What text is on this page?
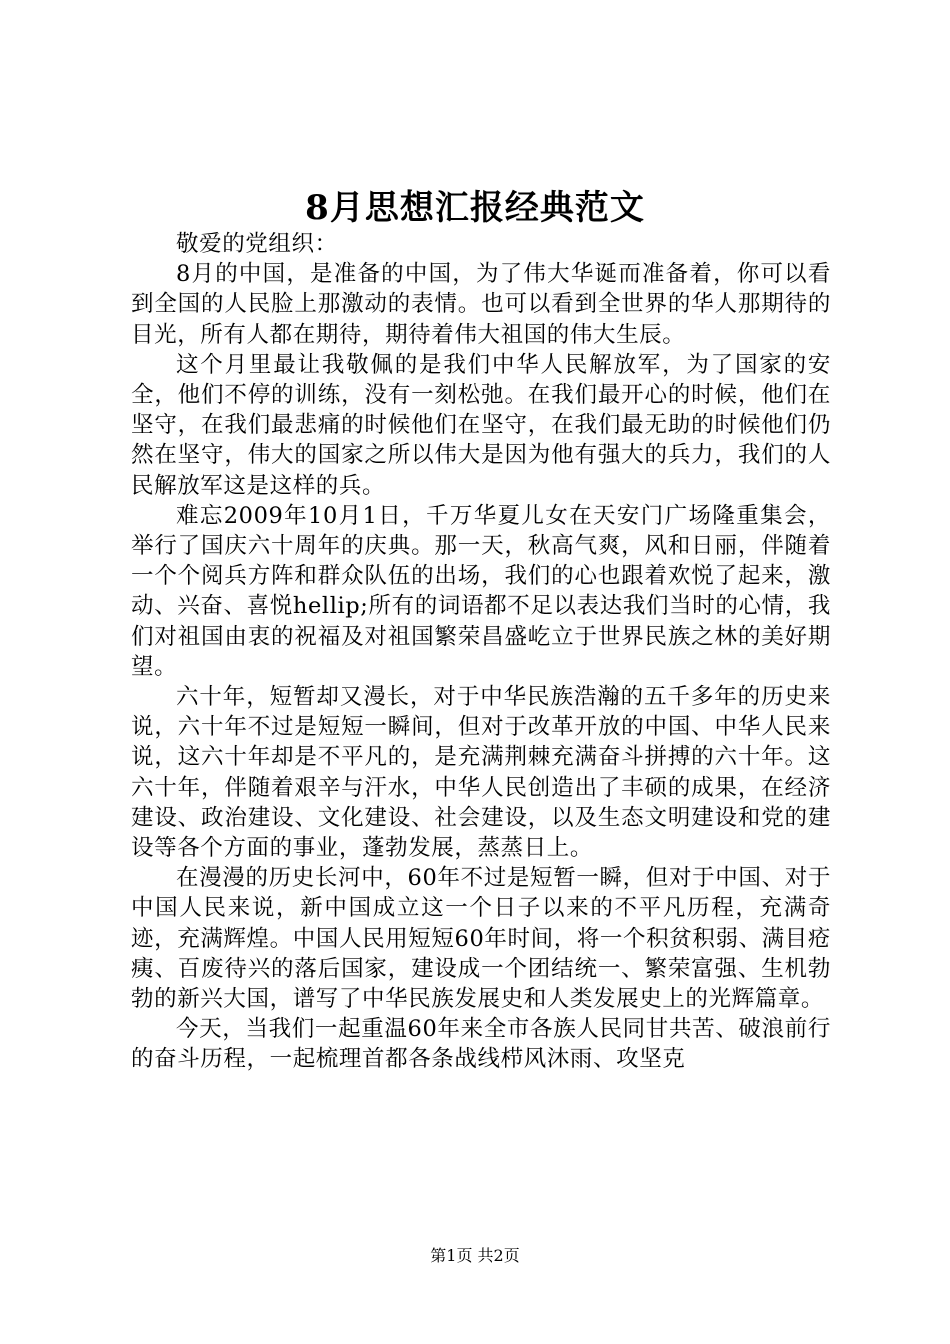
8月思想汇报经典范文

敬爱的党组织：

8月的中国，是准备的中国，为了伟大华诞而准备着，你可以看到全国的人民脸上那激动的表情。也可以看到全世界的华人那期待的目光，所有人都在期待，期待着伟大祖国的伟大生辰。

这个月里最让我敬佩的是我们中华人民解放军，为了国家的安全，他们不停的训练，没有一刻松弛。在我们最开心的时候，他们在坚守，在我们最悲痛的时候他们在坚守，在我们最无助的时候他们仍然在坚守，伟大的国家之所以伟大是因为他有强大的兵力，我们的人民解放军这是这样的兵。

难忘2009年10月1日，千万华夏儿女在天安门广场隆重集会，举行了国庆六十周年的庆典。那一天，秋高气爽，风和日丽，伴随着一个个阅兵方阵和群众队伍的出场，我们的心也跟着欢悦了起来，激动、兴奋、喜悦hellip;所有的词语都不足以表达我们当时的心情，我们对祖国由衷的祝福及对祖国繁荣昌盛屹立于世界民族之林的美好期望。

六十年，短暂却又漫长，对于中华民族浩瀚的五千多年的历史来说，六十年不过是短短一瞬间，但对于改革开放的中国、中华人民来说，这六十年却是不平凡的，是充满荆棘充满奋斗拼搏的六十年。这六十年，伴随着艰辛与汗水，中华人民创造出了丰硕的成果，在经济建设、政治建设、文化建设、社会建设，以及生态文明建设和党的建设等各个方面的事业，蓬勃发展，蒸蒸日上。

在漫漫的历史长河中，60年不过是短暂一瞬，但对于中国、对于中国人民来说，新中国成立这一个日子以来的不平凡历程，充满奇迹，充满辉煌。中国人民用短短60年时间，将一个积贫积弱、满目疮痍、百废待兴的落后国家，建设成一个团结统一、繁荣富强、生机勃勃的新兴大国，谱写了中华民族发展史和人类发展史上的光辉篇章。

今天，当我们一起重温60年来全市各族人民同甘共苦、破浪前行的奋斗历程，一起梳理首都各条战线栉风沐雨、攻坚克

第1页 共2页
